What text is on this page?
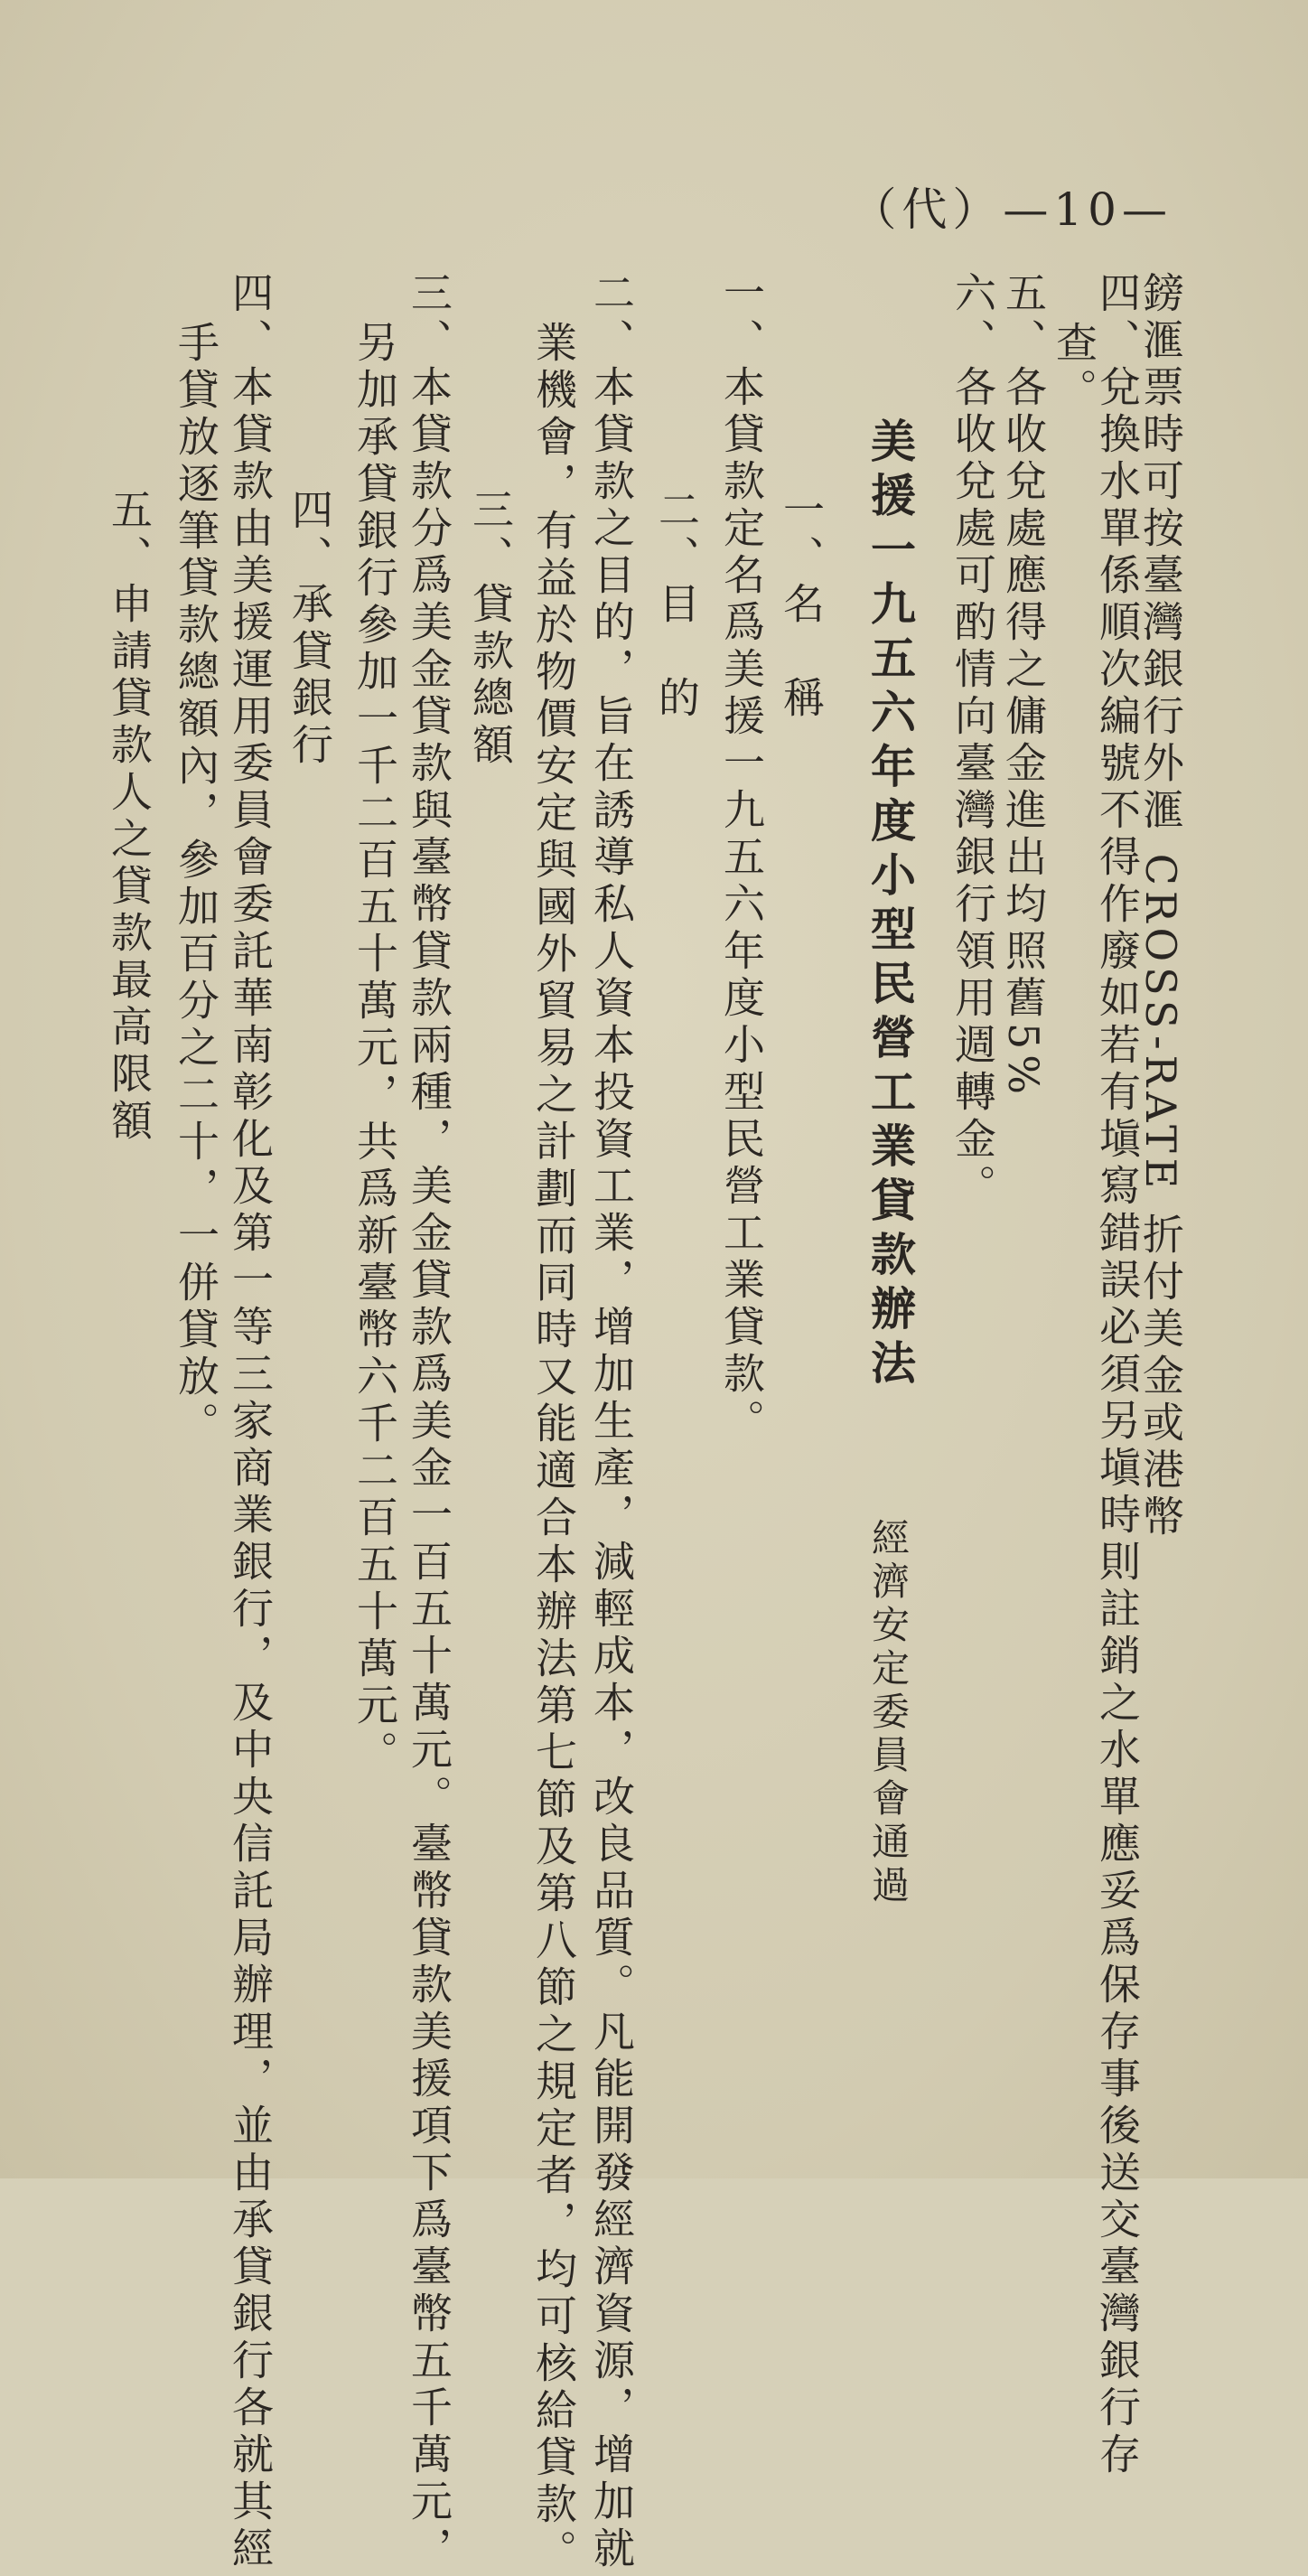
（代）—10—
鎊滙票時可按臺灣銀行外滙 CROSS-RATE 折付美金或港幣
四、兌換水單係順次編號不得作廢如若有塡寫錯誤必須另塡時則註銷之水單應妥爲保存事後送交臺灣銀行存
查。
五、各收兌處應得之傭金進出均照舊5%
六、各收兌處可酌情向臺灣銀行領用週轉金。
美援一九五六年度小型民營工業貸款辦法
經濟安定委員會通過
一、名　稱
一、本貸款定名爲美援一九五六年度小型民營工業貸款。
二、目　的
二、本貸款之目的，旨在誘導私人資本投資工業，增加生產，減輕成本，改良品質。凡能開發經濟資源，增加就
業機會，有益於物價安定與國外貿易之計劃而同時又能適合本辦法第七節及第八節之規定者，均可核給貸款。
三、貸款總額
三、本貸款分爲美金貸款與臺幣貸款兩種，美金貸款爲美金一百五十萬元。臺幣貸款美援項下爲臺幣五千萬元，
另加承貸銀行參加一千二百五十萬元，共爲新臺幣六千二百五十萬元。
四、承貸銀行
四、本貸款由美援運用委員會委託華南彰化及第一等三家商業銀行，及中央信託局辦理，並由承貸銀行各就其經
手貸放逐筆貸款總額內，參加百分之二十，一併貸放。
五、申請貸款人之貸款最高限額
